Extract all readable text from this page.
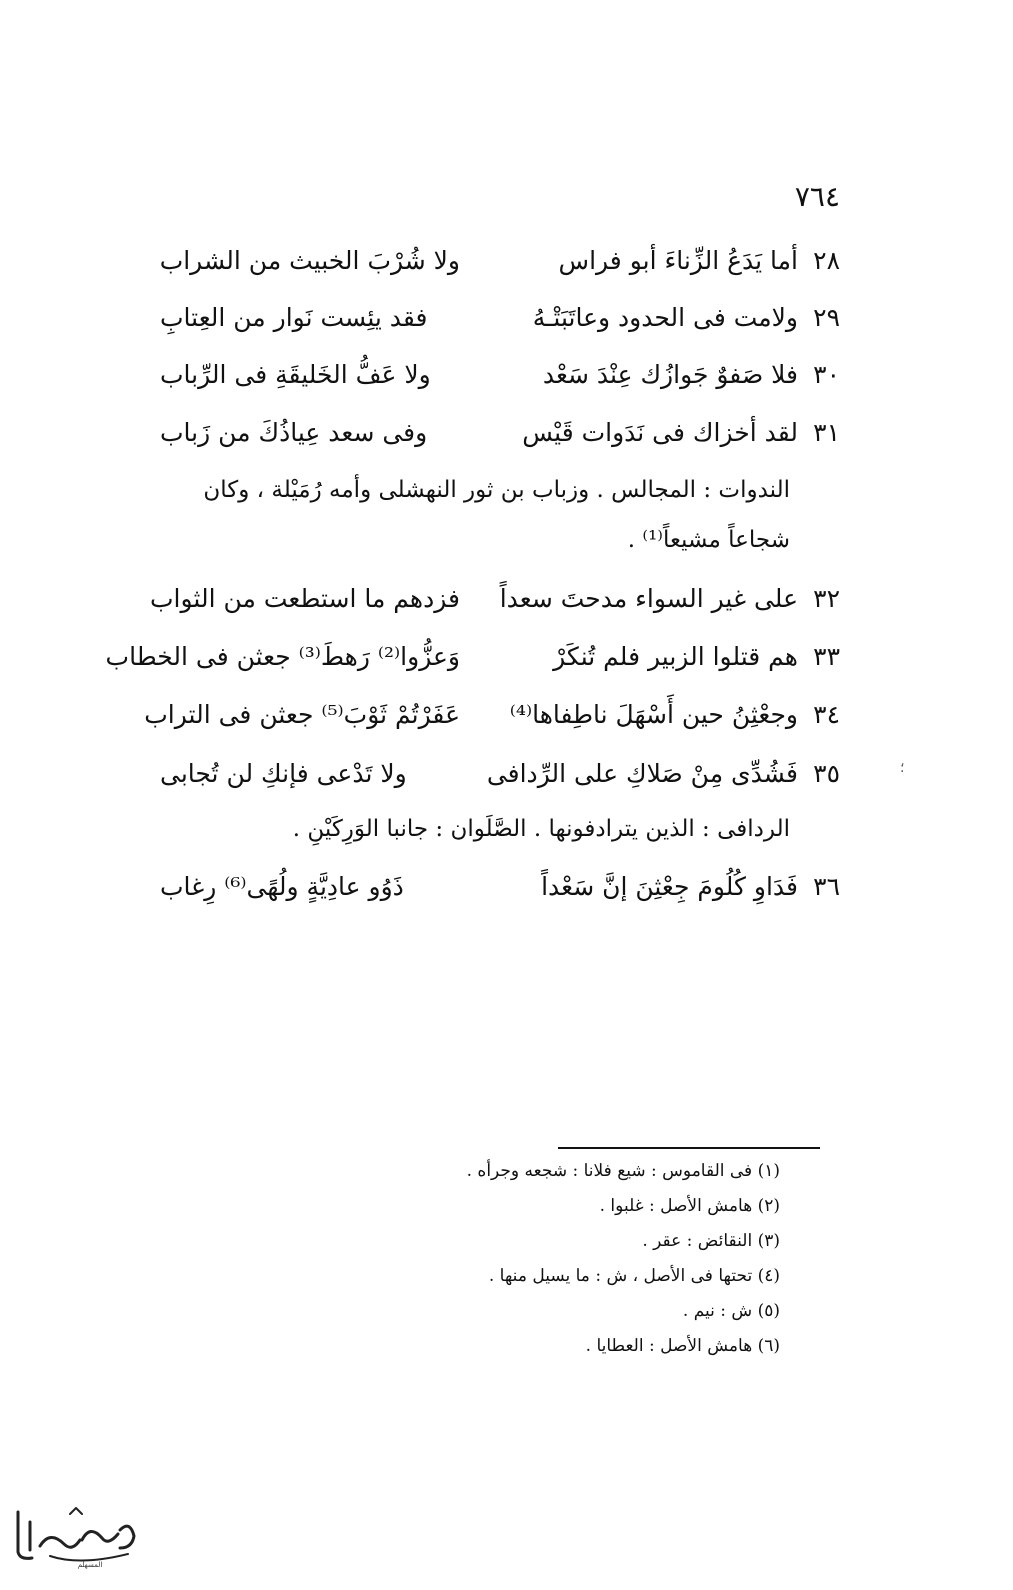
٧٦٤
٢٨
أما يَدَعُ الزِّناءَ أبو فراس
ولا شُرْبَ الخبيث من الشراب
٢٩
ولامت فى الحدود وعاتَبَتْـهُ
فقد يئِست نَوار من العِتابِ
٣٠
فلا صَفوٌ جَوازُك عِنْدَ سَعْد
ولا عَفُّ الخَليقَةِ فى الرِّباب
٣١
لقد أخزاك فى نَدَوات قَيْس
وفى سعد عِياذُكَ من زَباب
الندوات : المجالس . وزباب بن ثور النهشلى وأمه رُمَيْلة ، وكان شجاعاً مشيعاً⁽¹⁾ .
٣٢
على غير السواء مدحتَ سعداً
فزدهم ما استطعت من الثواب
٣٣
هم قتلوا الزبير فلم تُنكَرْ
وَعزُّوا⁽²⁾ رَهطَ⁽³⁾ جعثن فى الخطاب
٣٤
وجعْثِنُ حين أَسْهَلَ ناطِفاها⁽⁴⁾
عَفَرْتُمْ ثَوْبَ⁽⁵⁾ جعثن فى التراب
٣٥
فَشُدِّى مِنْ صَلاكِ على الرِّدافى
ولا تَدْعى فإنكِ لن تُجابى
الردافى : الذين يترادفونها . الصَّلَوان : جانبا الوَرِكَيْنِ .
٣٦
فَدَاوِ كُلُومَ جِعْثِنَ إنَّ سَعْداً
ذَوُو عادِيَّةٍ ولُهًى⁽⁶⁾ رِغاب
؛
(١) فى القاموس : شيع فلانا : شجعه وجرأه .
(٢) هامش الأصل : غلبوا .
(٣) النقائض : عقر .
(٤) تحتها فى الأصل ، ش : ما يسيل منها .
(٥) ش : نيم .
(٦) هامش الأصل : العطايا .
المسهلم
